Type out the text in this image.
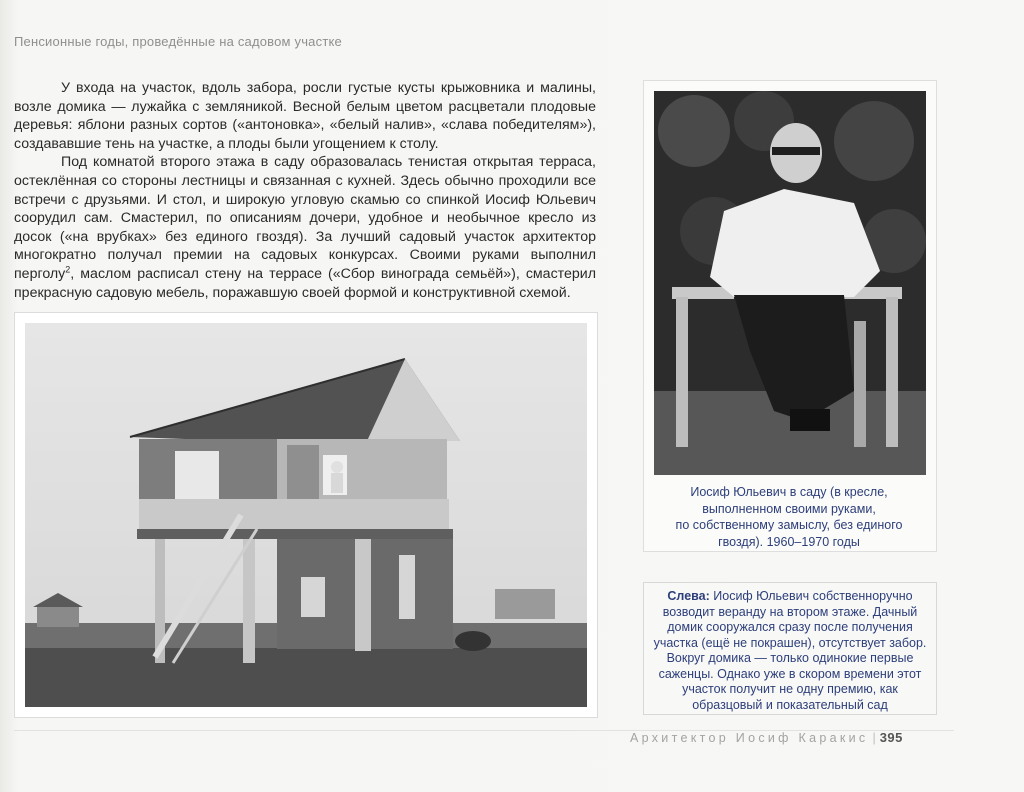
Пенсионные годы, проведённые на садовом участке

У входа на участок, вдоль забора, росли густые кусты крыжовника и малины, возле домика — лужайка с земляникой. Весной белым цветом расцветали плодовые деревья: яблони разных сортов («антоновка», «белый налив», «слава победителям»), создававшие тень на участке, а плоды были угощением к столу.

Под комнатой второго этажа в саду образовалась тенистая открытая терраса, остеклённая со стороны лестницы и связанная с кухней. Здесь обычно проходили все встречи с друзьями. И стол, и широкую угловую скамью со спинкой Иосиф Юльевич соорудил сам. Смастерил, по описаниям дочери, удобное и необычное кресло из досок («на врубках» без единого гвоздя). За лучший садовый участок архитектор многократно получал премии на садовых конкурсах. Своими руками выполнил перголу$^2$, маслом расписал стену на террасе («Сбор винограда семьёй»), смастерил прекрасную садовую мебель, поражавшую своей формой и конструктивной схемой.

Иосиф Юльевич в саду (в кресле,
выполненном своими руками,
по собственному замыслу, без единого
гвоздя). 1960–1970 годы
Слева: Иосиф Юльевич собственноручно возводит веранду на втором этаже. Дачный домик сооружался сразу после получения участка (ещё не покрашен), отсутствует забор. Вокруг домика — только одинокие первые саженцы. Однако уже в скором времени этот участок получит не одну премию, как образцовый и показательный сад
Архитектор Иосиф Каракис | 395
